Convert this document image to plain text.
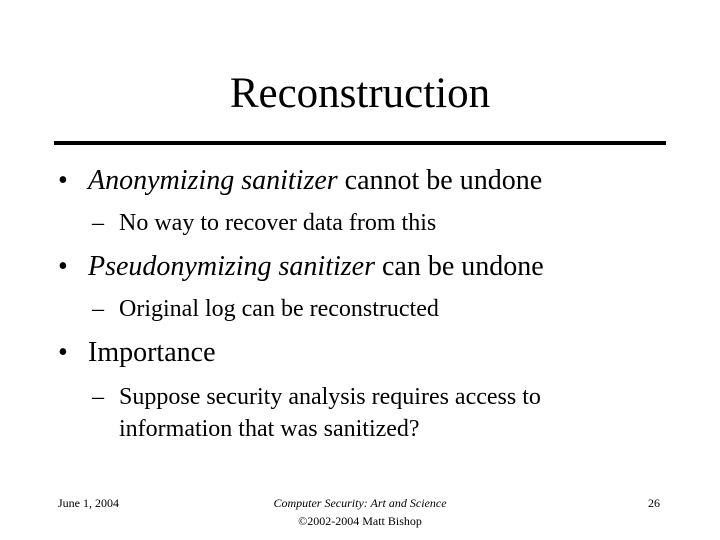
Reconstruction
• Anonymizing sanitizer cannot be undone
– No way to recover data from this
• Pseudonymizing sanitizer can be undone
– Original log can be reconstructed
• Importance
– Suppose security analysis requires access to
information that was sanitized?
June 1, 2004	Computer Security: Art and Science
©2002-2004 Matt Bishop
26
